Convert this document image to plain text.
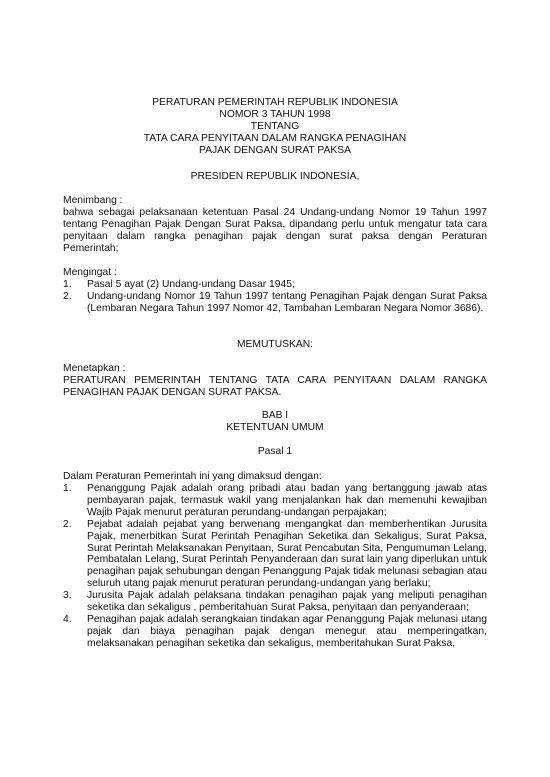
PERATURAN PEMERINTAH REPUBLIK INDONESIA
NOMOR 3 TAHUN 1998
TENTANG
TATA CARA PENYITAAN DALAM RANGKA PENAGIHAN
PAJAK DENGAN SURAT PAKSA
PRESIDEN REPUBLIK INDONESIA,
Menimbang :
bahwa sebagai pelaksanaan ketentuan Pasal 24 Undang-undang Nomor 19 Tahun 1997 tentang Penagihan Pajak Dengan Surat Paksa, dipandang perlu untuk mengatur tata cara penyitaan dalam rangka penagihan pajak dengan surat paksa dengan Peraturan Pemerintah;
Mengingat :
1. Pasal 5 ayat (2) Undang-undang Dasar 1945;
2. Undang-undang Nomor 19 Tahun 1997 tentang Penagihan Pajak dengan Surat Paksa (Lembaran Negara Tahun 1997 Nomor 42, Tambahan Lembaran Negara Nomor 3686).
MEMUTUSKAN:
Menetapkan :
PERATURAN PEMERINTAH TENTANG TATA CARA PENYITAAN DALAM RANGKA PENAGIHAN PAJAK DENGAN SURAT PAKSA.
BAB I
KETENTUAN UMUM
Pasal 1
Dalam Peraturan Pemerintah ini yang dimaksud dengan:
1. Penanggung Pajak adalah orang pribadi atau badan yang bertanggung jawab atas pembayaran pajak, termasuk wakil yang menjalankan hak dan memenuhi kewajiban Wajib Pajak menurut peraturan perundang-undangan perpajakan;
2. Pejabat adalah pejabat yang berwenang mengangkat dan memberhentikan Jurusita Pajak, menerbitkan Surat Perintah Penagihan Seketika dan Sekaligus, Surat Paksa, Surat Perintah Melaksanakan Penyitaan, Surat Pencabutan Sita, Pengumuman Lelang, Pembatalan Lelang, Surat Perintah Penyanderaan dan surat lain yang diperlukan untuk penagihan pajak sehubungan dengan Penanggung Pajak tidak melunasi sebagian atau seluruh utang pajak menurut peraturan perundang-undangan yang berlaku;
3. Jurusita Pajak adalah pelaksana tindakan penagihan pajak yang meliputi penagihan seketika dan sekaligus , pemberitahuan Surat Paksa, penyitaan dan penyanderaan;
4. Penagihan pajak adalah serangkaian tindakan agar Penanggung Pajak melunasi utang pajak dan biaya penagihan pajak dengan menegur atau memperingatkan, melaksanakan penagihan seketika dan sekaligus, memberitahukan Surat Paksa,
